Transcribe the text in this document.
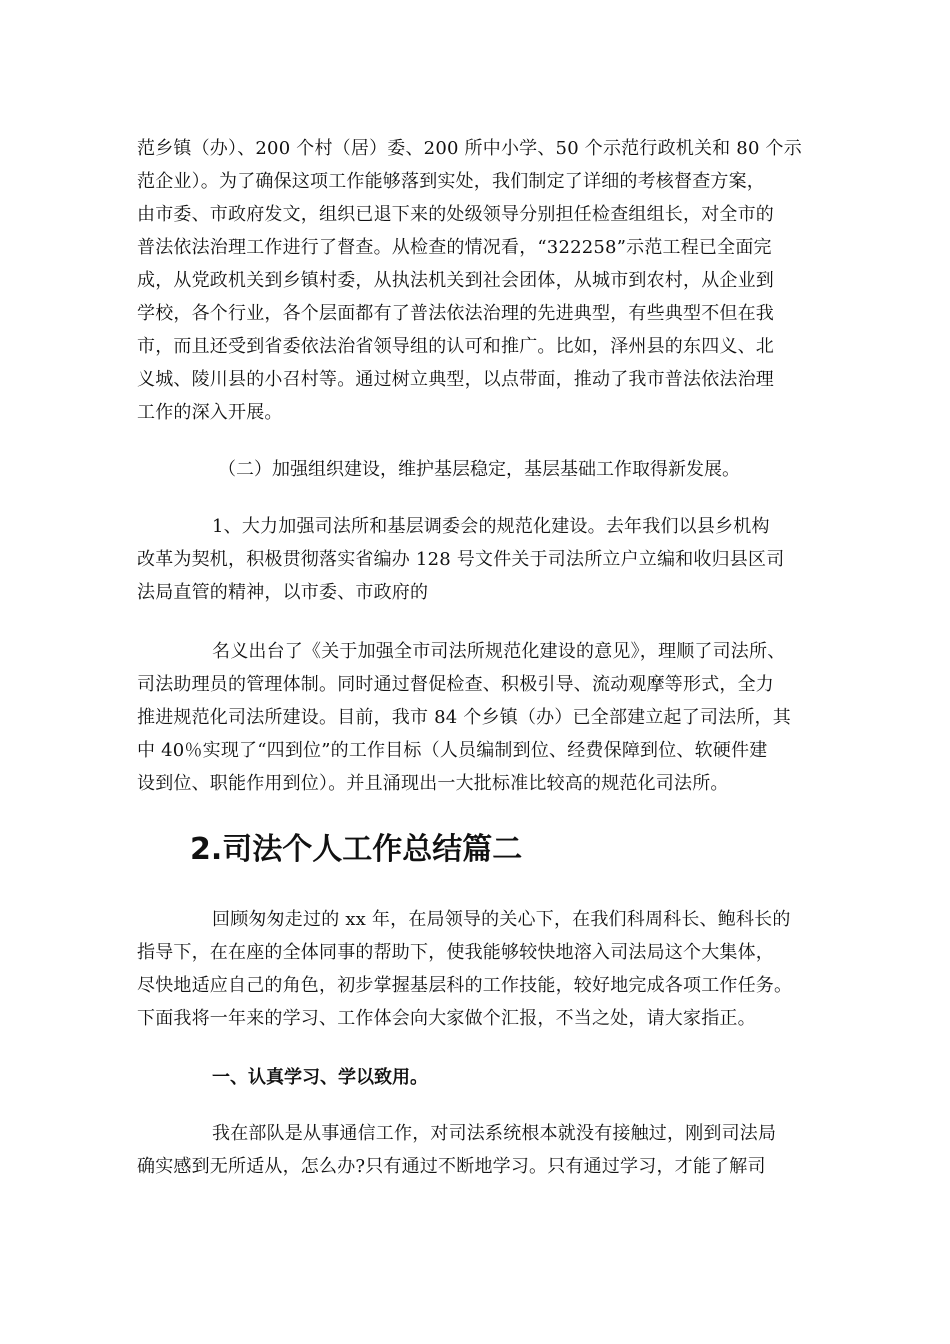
范乡镇（办）、200 个村（居）委、200 所中小学、50 个示范行政机关和 80 个示
范企业）。为了确保这项工作能够落到实处，我们制定了详细的考核督查方案，
由市委、市政府发文，组织已退下来的处级领导分别担任检查组组长，对全市的
普法依法治理工作进行了督查。从检查的情况看，“322258”示范工程已全面完
成，从党政机关到乡镇村委，从执法机关到社会团体，从城市到农村，从企业到
学校，各个行业，各个层面都有了普法依法治理的先进典型，有些典型不但在我
市，而且还受到省委依法治省领导组的认可和推广。比如，泽州县的东四义、北
义城、陵川县的小召村等。通过树立典型，以点带面，推动了我市普法依法治理
工作的深入开展。

（二）加强组织建设，维护基层稳定，基层基础工作取得新发展。

1、大力加强司法所和基层调委会的规范化建设。去年我们以县乡机构
改革为契机，积极贯彻落实省编办 128 号文件关于司法所立户立编和收归县区司
法局直管的精神，以市委、市政府的
名义出台了《关于加强全市司法所规范化建设的意见》，理顺了司法所、
司法助理员的管理体制。同时通过督促检查、积极引导、流动观摩等形式，全力
推进规范化司法所建设。目前，我市 84 个乡镇（办）已全部建立起了司法所，其
中 40％实现了“四到位”的工作目标（人员编制到位、经费保障到位、软硬件建
设到位、职能作用到位）。并且涌现出一大批标准比较高的规范化司法所。
2.司法个人工作总结篇二
回顾匆匆走过的 xx 年，在局领导的关心下，在我们科周科长、鲍科长的
指导下，在在座的全体同事的帮助下，使我能够较快地溶入司法局这个大集体，
尽快地适应自己的角色，初步掌握基层科的工作技能，较好地完成各项工作任务。
下面我将一年来的学习、工作体会向大家做个汇报，不当之处，请大家指正。

一、认真学习、学以致用。

我在部队是从事通信工作，对司法系统根本就没有接触过，刚到司法局
确实感到无所适从，怎么办?只有通过不断地学习。只有通过学习，才能了解司
